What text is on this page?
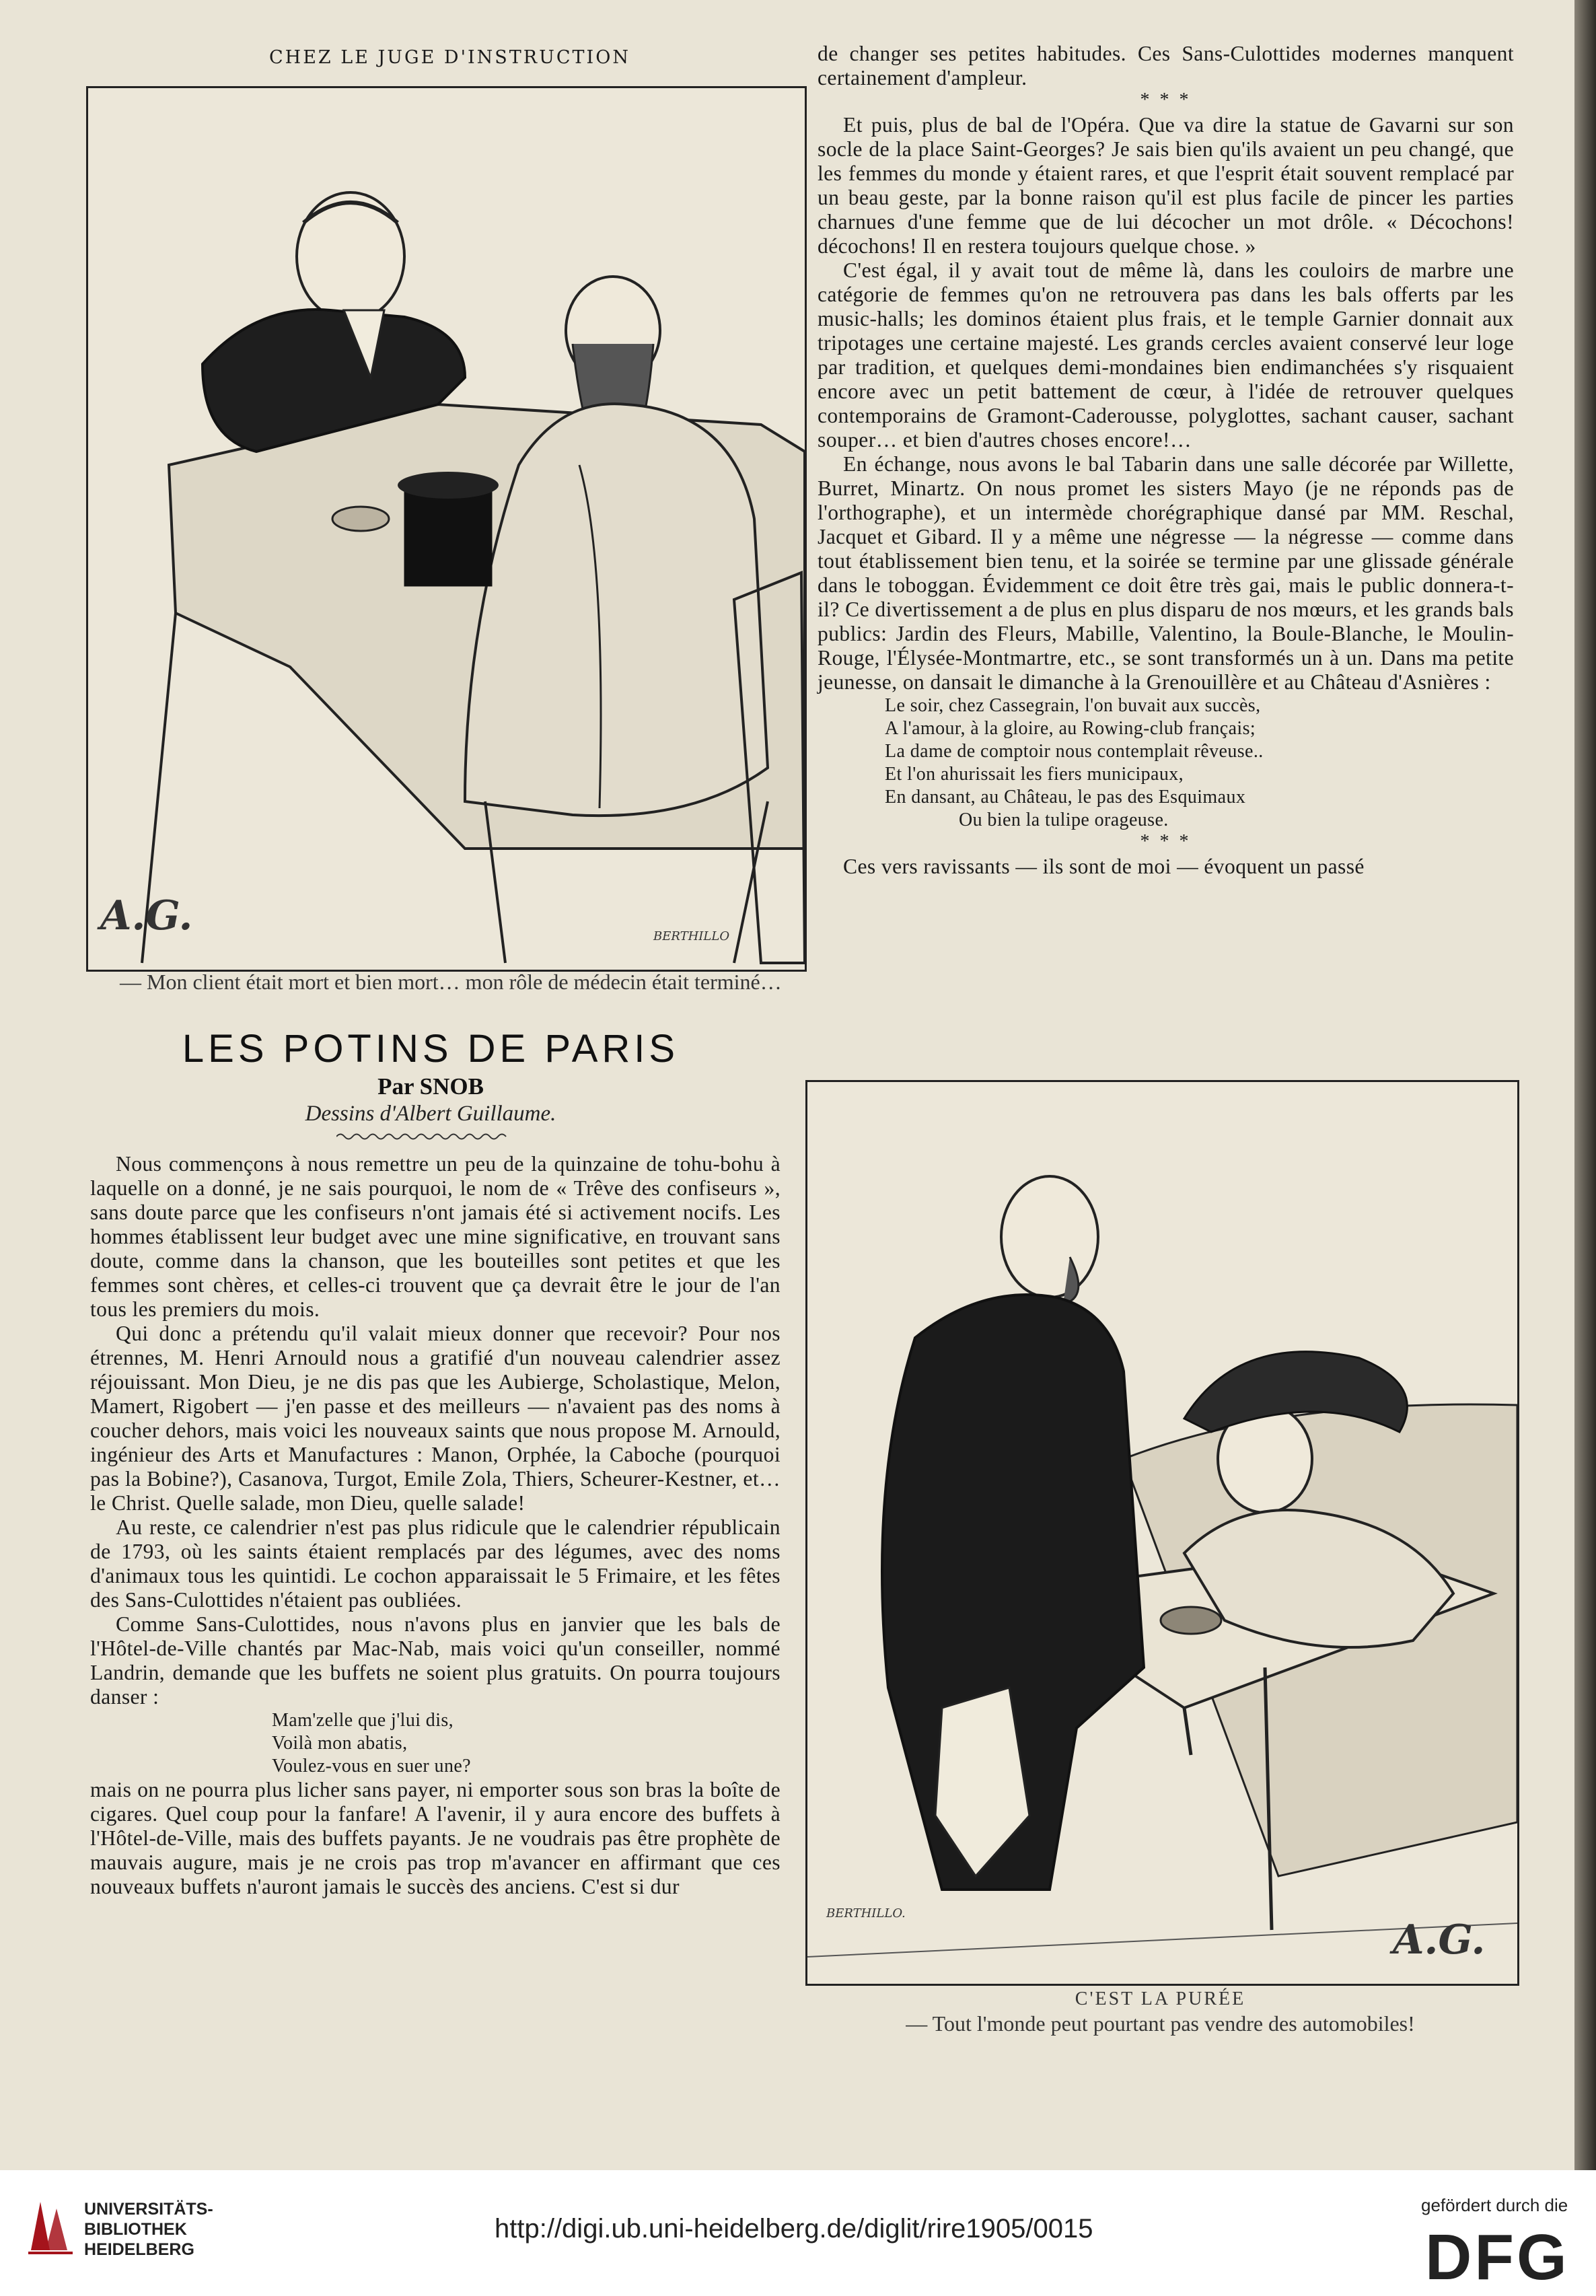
CHEZ LE JUGE D'INSTRUCTION
A.G.	BERTHILLO
— Mon client était mort et bien mort… mon rôle de médecin était terminé…
LES POTINS DE PARIS
Par SNOB
Dessins d'Albert Guillaume.

Nous commençons à nous remettre un peu de la quinzaine de tohu-bohu à laquelle on a donné, je ne sais pourquoi, le nom de « Trêve des confiseurs », sans doute parce que les confiseurs n'ont jamais été si activement nocifs. Les hommes établissent leur budget avec une mine significative, en trouvant sans doute, comme dans la chanson, que les bouteilles sont petites et que les femmes sont chères, et celles-ci trouvent que ça devrait être le jour de l'an tous les premiers du mois.

Qui donc a prétendu qu'il valait mieux donner que recevoir? Pour nos étrennes, M. Henri Arnould nous a gratifié d'un nouveau calendrier assez réjouissant. Mon Dieu, je ne dis pas que les Aubierge, Scholastique, Melon, Mamert, Rigobert — j'en passe et des meilleurs — n'avaient pas des noms à coucher dehors, mais voici les nouveaux saints que nous propose M. Arnould, ingénieur des Arts et Manufactures : Manon, Orphée, la Caboche (pourquoi pas la Bobine?), Casanova, Turgot, Emile Zola, Thiers, Scheurer-Kestner, et… le Christ. Quelle salade, mon Dieu, quelle salade!

Au reste, ce calendrier n'est pas plus ridicule que le calendrier républicain de 1793, où les saints étaient remplacés par des légumes, avec des noms d'animaux tous les quintidi. Le cochon apparaissait le 5 Frimaire, et les fêtes des Sans-Culottides n'étaient pas oubliées.

Comme Sans-Culottides, nous n'avons plus en janvier que les bals de l'Hôtel-de-Ville chantés par Mac-Nab, mais voici qu'un conseiller, nommé Landrin, demande que les buffets ne soient plus gratuits. On pourra toujours danser :

Mam'zelle que j'lui dis,
Voilà mon abatis,
Voulez-vous en suer une?

mais on ne pourra plus licher sans payer, ni emporter sous son bras la boîte de cigares. Quel coup pour la fanfare! A l'avenir, il y aura encore des buffets à l'Hôtel-de-Ville, mais des buffets payants. Je ne voudrais pas être prophète de mauvais augure, mais je ne crois pas trop m'avancer en affirmant que ces nouveaux buffets n'auront jamais le succès des anciens. C'est si dur

de changer ses petites habitudes. Ces Sans-Culottides modernes manquent certainement d'ampleur.

* * *

Et puis, plus de bal de l'Opéra. Que va dire la statue de Gavarni sur son socle de la place Saint-Georges? Je sais bien qu'ils avaient un peu changé, que les femmes du monde y étaient rares, et que l'esprit était souvent remplacé par un beau geste, par la bonne raison qu'il est plus facile de pincer les parties charnues d'une femme que de lui décocher un mot drôle. « Décochons! décochons! Il en restera toujours quelque chose. »

C'est égal, il y avait tout de même là, dans les couloirs de marbre une catégorie de femmes qu'on ne retrouvera pas dans les bals offerts par les music-halls; les dominos étaient plus frais, et le temple Garnier donnait aux tripotages une certaine majesté. Les grands cercles avaient conservé leur loge par tradition, et quelques demi-mondaines bien endimanchées s'y risquaient encore avec un petit battement de cœur, à l'idée de retrouver quelques contemporains de Gramont-Caderousse, polyglottes, sachant causer, sachant souper… et bien d'autres choses encore!…

En échange, nous avons le bal Tabarin dans une salle décorée par Willette, Burret, Minartz. On nous promet les sisters Mayo (je ne réponds pas de l'orthographe), et un intermède chorégraphique dansé par MM. Reschal, Jacquet et Gibard. Il y a même une négresse — la négresse — comme dans tout établissement bien tenu, et la soirée se termine par une glissade générale dans le toboggan. Évidemment ce doit être très gai, mais le public donnera-t-il? Ce divertissement a de plus en plus disparu de nos mœurs, et les grands bals publics: Jardin des Fleurs, Mabille, Valentino, la Boule-Blanche, le Moulin-Rouge, l'Élysée-Montmartre, etc., se sont transformés un à un. Dans ma petite jeunesse, on dansait le dimanche à la Grenouillère et au Château d'Asnières :

Le soir, chez Cassegrain, l'on buvait aux succès,
A l'amour, à la gloire, au Rowing-club français;
La dame de comptoir nous contemplait rêveuse..
Et l'on ahurissait les fiers municipaux,
En dansant, au Château, le pas des Esquimaux
Ou bien la tulipe orageuse.
* * *

Ces vers ravissants — ils sont de moi — évoquent un passé

BERTHILLO.
A.G.
C'EST LA PURÉE
— Tout l'monde peut pourtant pas vendre des automobiles!
UNIVERSITÄTS-
BIBLIOTHEK
HEIDELBERG
http://digi.ub.uni-heidelberg.de/diglit/rire1905/0015
gefördert durch die
DFG
